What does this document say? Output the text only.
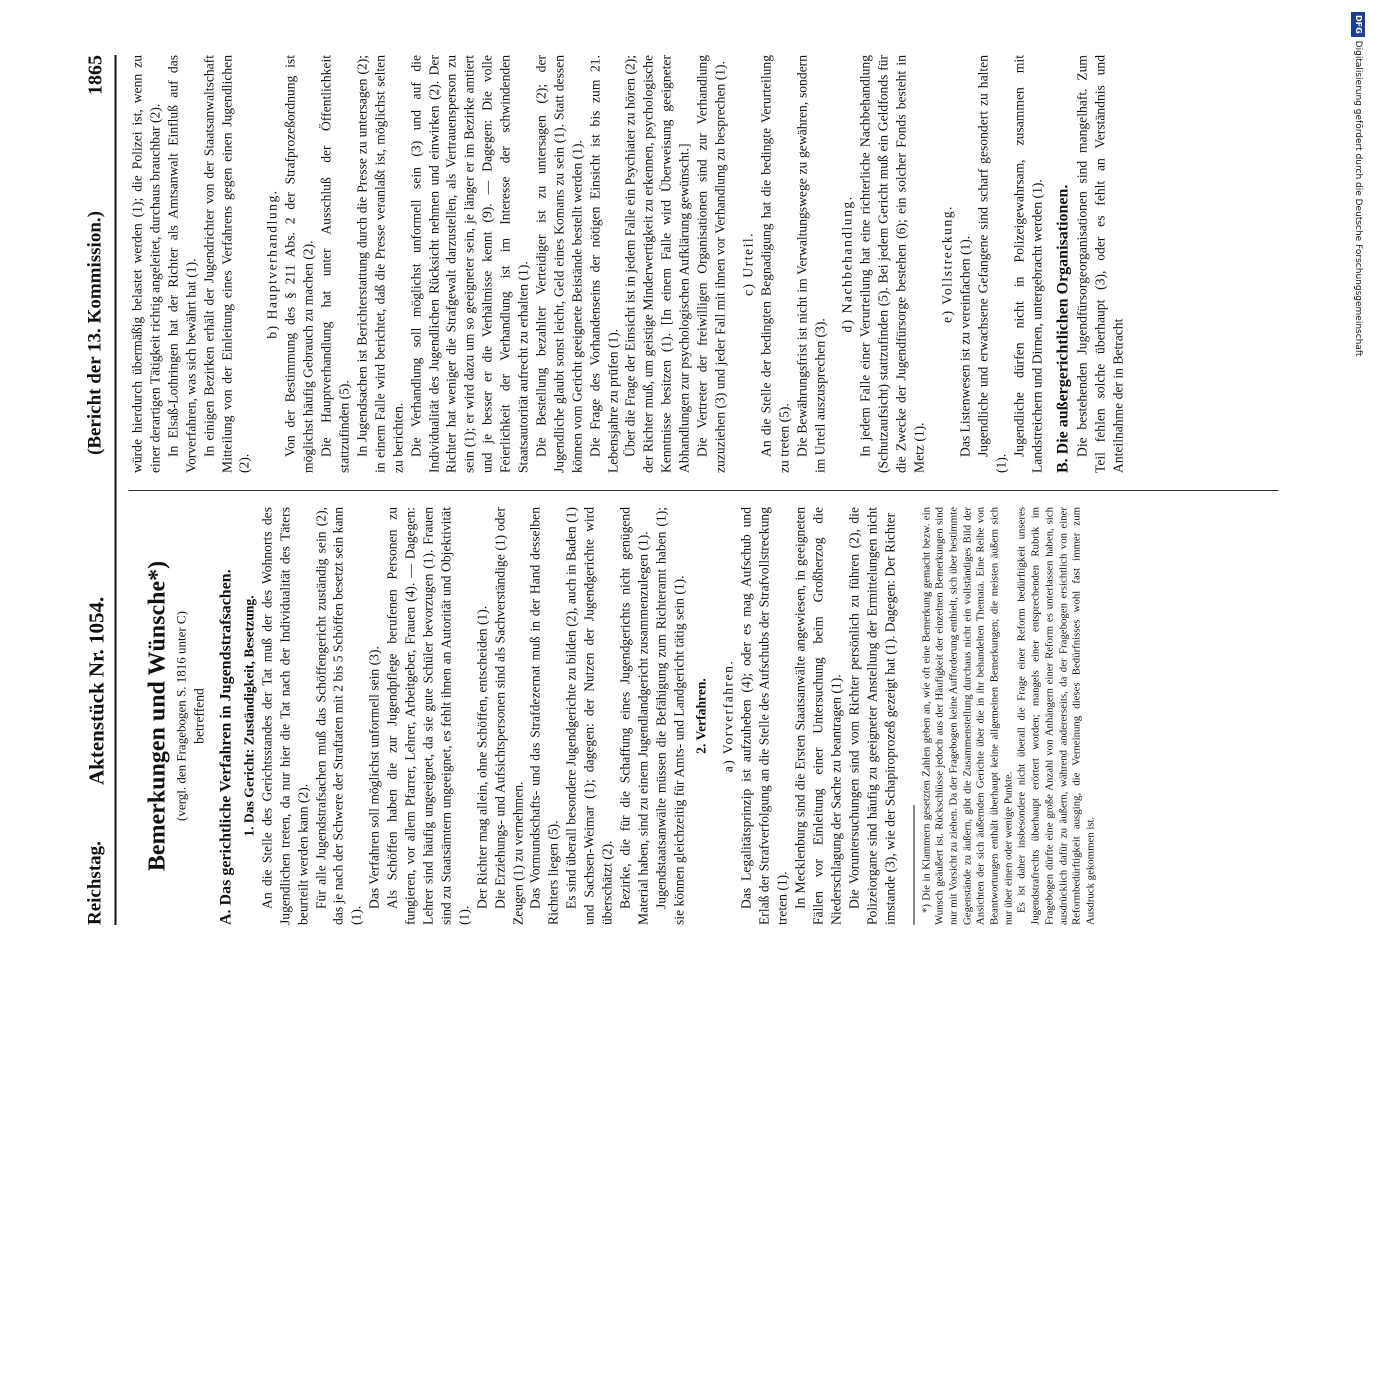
Reichstag.
Aktenstück Nr. 1054.
(Bericht der 13. Kommission.)
1865

Bemerkungen und Wünsche*) (vergl. den Fragebogen S. 1816 unter C) betreffend A. Das gerichtliche Verfahren in Jugendstrafsachen. 1. Das Gericht: Zuständigkeit, Besetzung. An die Stelle des Gerichtsstandes der Tat muß der des Wohnorts des Jugendlichen treten, da nur hier die Tat nach der Individualität des Täters beurteilt werden kann (2). Für alle Jugendstrafsachen muß das Schöffengericht zuständig sein (2), das je nach der Schwere der Straftaten mit 2 bis 5 Schöffen besetzt sein kann (1).

Das Verfahren soll möglichst unformell sein (3). Als Schöffen haben die zur Jugendpflege berufenen Personen zu fungieren, vor allem Pfarrer, Lehrer, Arbeitgeber, Frauen (4). — Dagegen: Lehrer sind häufig ungeeignet, da sie gute Schüler bevorzugen (1). Frauen sind zu Staatsämtern ungeeignet, es fehlt ihnen an Autorität und Objektivität (1).

Der Richter mag allein, ohne Schöffen, entscheiden (1). Die Erziehungs- und Aufsichtspersonen sind als Sachverständige (1) oder Zeugen (1) zu vernehmen. Das Vormundschafts- und das Strafdezernat muß in der Hand desselben Richters liegen (5). Es sind überall besondere Jugendgerichte zu bilden (2), auch in Baden (1) und Sachsen-Weimar (1); dagegen: der Nutzen der Jugendgerichte wird überschätzt (2). Bezirke, die für die Schaffung eines Jugendgerichts nicht genügend Material haben, sind zu einem Jugendlandgericht zusammenzulegen (1). Jugendstaatsanwälte müssen die Befähigung zum Richteramt haben (1); sie können gleichzeitig für Amts- und Landgericht tätig sein (1). 2. Verfahren. a) Vorverfahren. Das Legalitätsprinzip ist aufzuheben (4); oder es mag Aufschub und Erlaß der Strafverfolgung an die Stelle des Aufschubs der Strafvollstreckung treten (1). In Mecklenburg sind die Ersten Staatsanwälte angewiesen, in geeigneten Fällen vor Einleitung einer Untersuchung beim Großherzog die Niederschlagung der Sache zu beantragen (1). Die Voruntersuchungen sind vom Richter persönlich zu führen (2), die Polizeiorgane sind häufig zu geeigneter Anstellung der Ermittelungen nicht imstande (3), wie der Schapiroprozeß gezeigt hat (1). Dagegen: Der Richter *) Die in Klammern gesetzten Zahlen geben an, wie oft eine Bemerkung gemacht bezw. ein Wunsch geäußert ist. Rückschlüsse jedoch aus der Häufigkeit der einzelnen Bemerkungen sind nur mit Vorsicht zu ziehen. Da der Fragebogen keine Aufforderung enthielt, sich über bestimmte Gegenstände zu äußern, gibt die Zusammenstellung durchaus nicht ein vollständiges Bild der Ansichten der sich äußernden Gerichte über die in ihr behandelten Themata. Eine Reihe von Beantwortungen enthält überhaupt keine allgemeinen Bemerkungen; die meisten äußern sich nur über einen oder wenige Punkte. Es ist daher insbesondere nicht überall die Frage einer Reform bedürftigkeit unseres Jugendstrafrechts überhaupt erörtert worden; mangels einer entsprechenden Rubrik im Fragebogen dürfte eine große Anzahl von Anhängern einer Reform es unterlassen haben, sich ausdrücklich dafür zu äußern, während andererseits, da der Fragebogen ersichtlich von einer Reformbedürftigkeit ausging, die Verneinung dieses Bedürfnisses wohl fast immer zum Ausdruck gekommen ist.

würde hierdurch übermäßig belastet werden (1); die Polizei ist, wenn zu einer derartigen Tätigkeit richtig angeleitet, durchaus brauchbar (2). In Elsaß-Lothringen hat der Richter als Amtsanwalt Einfluß auf das Vorverfahren, was sich bewährt hat (1). In einigen Bezirken erhält der Jugendrichter von der Staatsanwaltschaft Mitteilung von der Einleitung eines Verfahrens gegen einen Jugendlichen (2).

b) Hauptverhandlung. Von der Bestimmung des § 211 Abs. 2 der Strafprozeßordnung ist möglichst häufig Gebrauch zu machen (2). Die Hauptverhandlung hat unter Ausschluß der Öffentlichkeit stattzufinden (5). In Jugendsachen ist Berichterstattung durch die Presse zu untersagen (2); in einem Falle wird berichtet, daß die Presse veranlaßt ist, möglichst selten zu berichten. Die Verhandlung soll möglichst unformell sein (3) und auf die Individualität des Jugendlichen Rücksicht nehmen und einwirken (2). Der Richter hat weniger die Strafgewalt darzustellen, als Vertrauensperson zu sein (1); er wird dazu um so geeigneter sein, je länger er im Bezirke amtiert und je besser er die Verhältnisse kennt (9). — Dagegen: Die volle Feierlichkeit der Verhandlung ist im Interesse der schwindenden Staatsautorität aufrecht zu erhalten (1). Die Bestellung bezahlter Verteidiger ist zu untersagen (2); der Jugendliche glaubt sonst leicht, Geld eines Komans zu sein (1). Statt dessen können vom Gericht geeignete Beistände bestellt werden (1). Die Frage des Vorhandenseins der nötigen Einsicht ist bis zum 21. Lebensjahre zu prüfen (1). Über die Frage der Einsicht ist in jedem Falle ein Psychiater zu hören (2); der Richter muß, um geistige Minderwertigkeit zu erkennen, psychologische Kenntnisse besitzen (1). [In einem Falle wird Überweisung geeigneter Abhandlungen zur psychologischen Aufklärung gewünscht.] Die Vertreter der freiwilligen Organisationen sind zur Verhandlung zuzuziehen (3) und jeder Fall mit ihnen vor Verhandlung zu besprechen (1). c) Urteil. An die Stelle der bedingten Begnadigung hat die bedingte Verurteilung zu treten (5). Die Bewährungsfrist ist nicht im Verwaltungswege zu gewähren, sondern im Urteil auszusprechen (3).

d) Nachbehandlung. In jedem Falle einer Verurteilung hat eine richterliche Nachbehandlung (Schutzaufsicht) stattzufinden (5). Bei jedem Gericht muß ein Geldfonds für die Zwecke der Jugendfürsorge bestehen (6); ein solcher Fonds besteht in Metz (1).

e) Vollstreckung. Das Listenwesen ist zu vereinfachen (1). Jugendliche und erwachsene Gefangene sind scharf gesondert zu halten (1).

Jugendliche dürfen nicht in Polizeigewahrsam, zusammen mit Landstreichern und Dirnen, untergebracht werden (1). B. Die außergerichtlichen Organisationen. Die bestehenden Jugendfürsorgeorganisationen sind mangelhaft. Zum Teil fehlen solche überhaupt (3), oder es fehlt an Verständnis und Anteilnahme der in Betracht

DFGDigitalisierung gefördert durch die Deutsche Forschungsgemeinschaft
